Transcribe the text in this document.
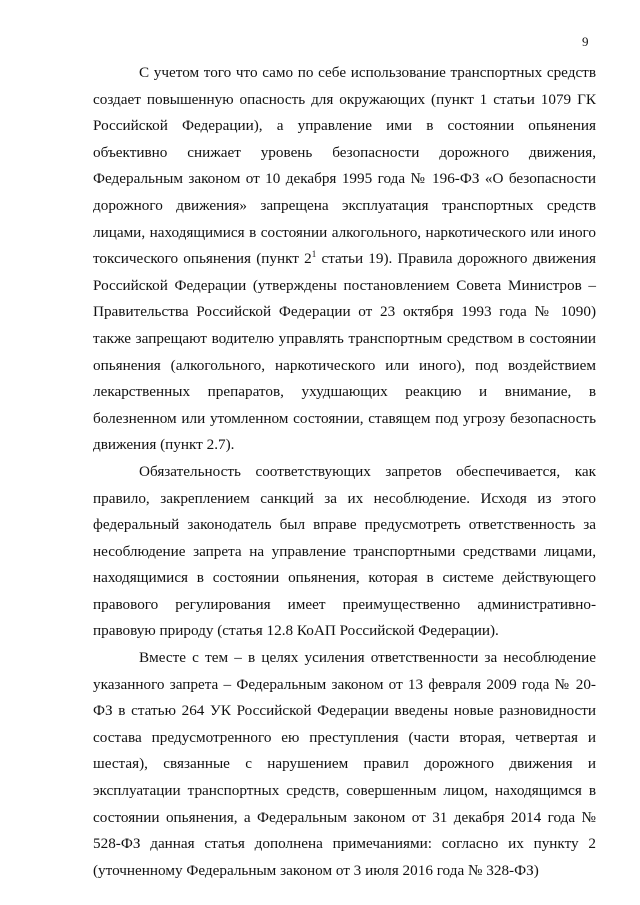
9

С учетом того что само по себе использование транспортных средств создает повышенную опасность для окружающих (пункт 1 статьи 1079 ГК Российской Федерации), а управление ими в состоянии опьянения объективно снижает уровень безопасности дорожного движения, Федеральным законом от 10 декабря 1995 года № 196-ФЗ «О безопасности дорожного движения» запрещена эксплуатация транспортных средств лицами, находящимися в состоянии алкогольного, наркотического или иного токсического опьянения (пункт $2^1$ статьи 19). Правила дорожного движения Российской Федерации (утверждены постановлением Совета Министров – Правительства Российской Федерации от 23 октября 1993 года № 1090) также запрещают водителю управлять транспортным средством в состоянии опьянения (алкогольного, наркотического или иного), под воздействием лекарственных препаратов, ухудшающих реакцию и внимание, в болезненном или утомленном состоянии, ставящем под угрозу безопасность движения (пункт 2.7).

Обязательность соответствующих запретов обеспечивается, как правило, закреплением санкций за их несоблюдение. Исходя из этого федеральный законодатель был вправе предусмотреть ответственность за несоблюдение запрета на управление транспортными средствами лицами, находящимися в состоянии опьянения, которая в системе действующего правового регулирования имеет преимущественно административно-правовую природу (статья 12.8 КоАП Российской Федерации).

Вместе с тем – в целях усиления ответственности за несоблюдение указанного запрета – Федеральным законом от 13 февраля 2009 года № 20-ФЗ в статью 264 УК Российской Федерации введены новые разновидности состава предусмотренного ею преступления (части вторая, четвертая и шестая), связанные с нарушением правил дорожного движения и эксплуатации транспортных средств, совершенным лицом, находящимся в состоянии опьянения, а Федеральным законом от 31 декабря 2014 года № 528-ФЗ данная статья дополнена примечаниями: согласно их пункту 2 (уточненному Федеральным законом от 3 июля 2016 года № 328-ФЗ)
